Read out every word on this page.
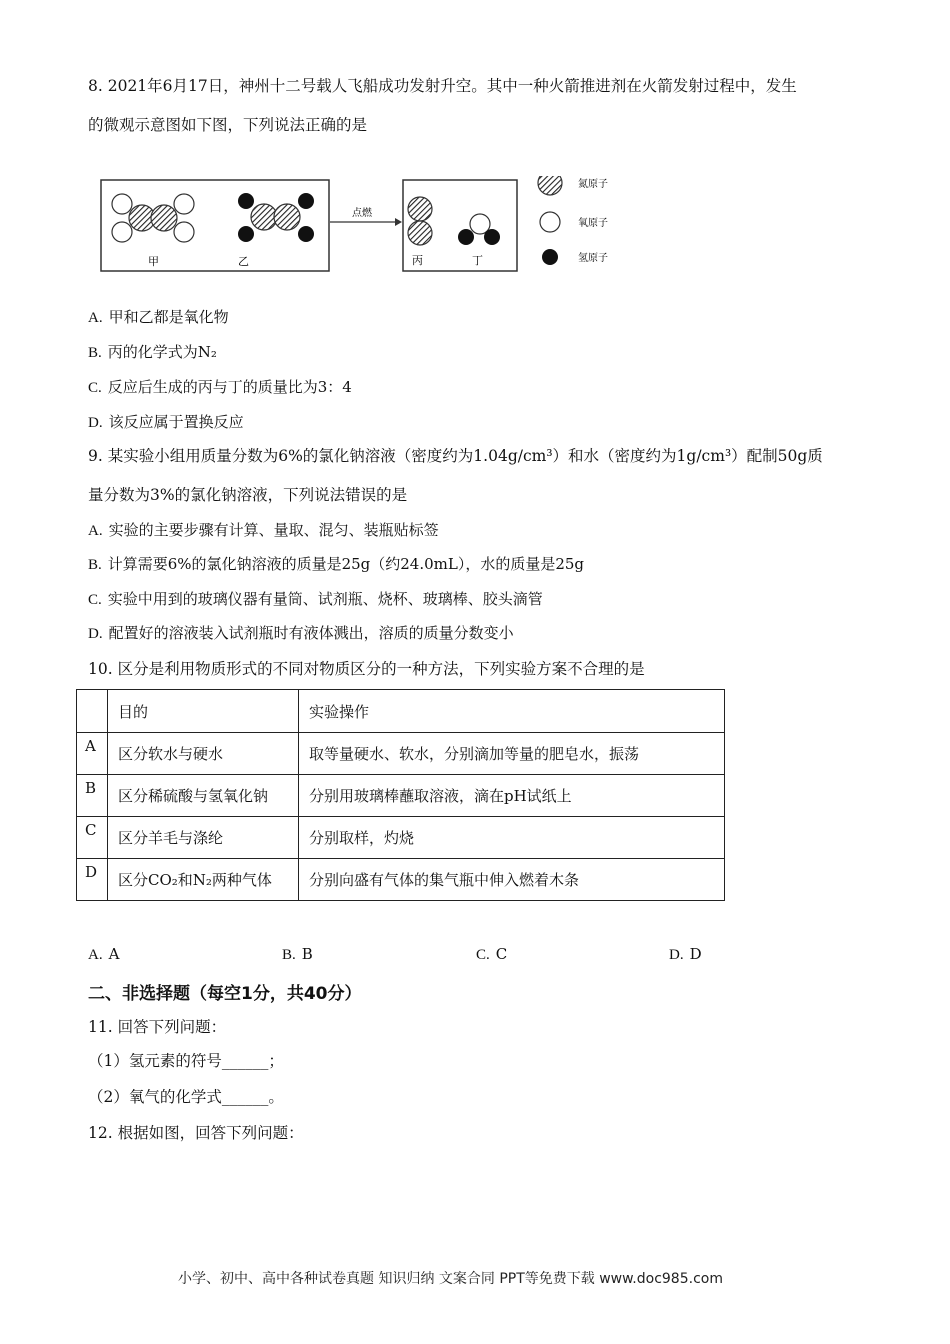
8. 2021年6月17日，神州十二号载人飞船成功发射升空。其中一种火箭推进剂在火箭发射过程中，发生
的微观示意图如下图，下列说法正确的是
甲	乙
点燃
丙	丁
氮原子
氧原子
氢原子
A. 甲和乙都是氧化物
B. 丙的化学式为N₂
C. 反应后生成的丙与丁的质量比为3：4
D. 该反应属于置换反应
9. 某实验小组用质量分数为6%的氯化钠溶液（密度约为1.04g/cm³）和水（密度约为1g/cm³）配制50g质
量分数为3%的氯化钠溶液，下列说法错误的是
A. 实验的主要步骤有计算、量取、混匀、装瓶贴标签
B. 计算需要6%的氯化钠溶液的质量是25g（约24.0mL），水的质量是25g
C. 实验中用到的玻璃仪器有量筒、试剂瓶、烧杯、玻璃棒、胶头滴管
D. 配置好的溶液装入试剂瓶时有液体溅出，溶质的质量分数变小
10. 区分是利用物质形式的不同对物质区分的一种方法，下列实验方案不合理的是
	目的	实验操作
A	区分软水与硬水	取等量硬水、软水，分别滴加等量的肥皂水，振荡
B	区分稀硫酸与氢氧化钠	分别用玻璃棒蘸取溶液，滴在pH试纸上
C	区分羊毛与涤纶	分别取样，灼烧
D	区分CO₂和N₂两种气体	分别向盛有气体的集气瓶中伸入燃着木条
A. A	B. B	C. C	D. D
二、非选择题（每空1分，共40分）
11. 回答下列问题：
（1）氢元素的符号______；
（2）氧气的化学式______。
12. 根据如图，回答下列问题：
小学、初中、高中各种试卷真题 知识归纳 文案合同 PPT等免费下载 www.doc985.com
